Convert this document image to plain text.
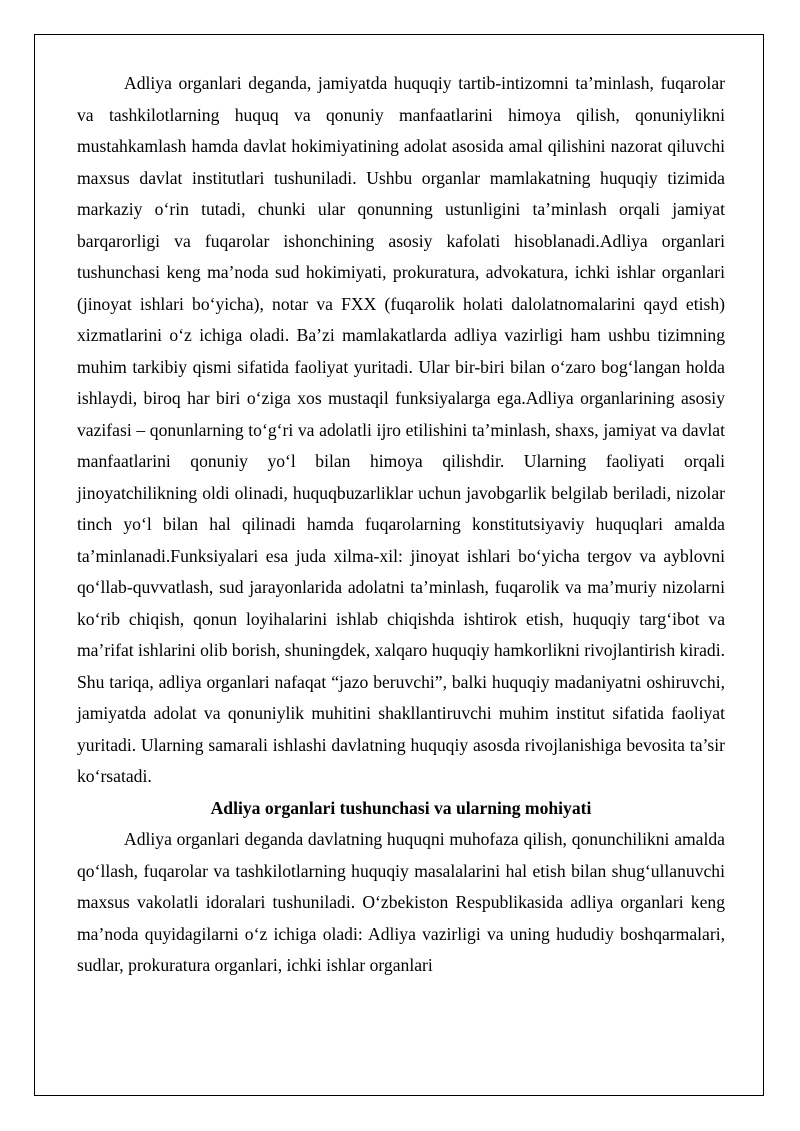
Adliya organlari deganda, jamiyatda huquqiy tartib-intizomni ta’minlash, fuqarolar va tashkilotlarning huquq va qonuniy manfaatlarini himoya qilish, qonuniylikni mustahkamlash hamda davlat hokimiyatining adolat asosida amal qilishini nazorat qiluvchi maxsus davlat institutlari tushuniladi. Ushbu organlar mamlakatning huquqiy tizimida markaziy o‘rin tutadi, chunki ular qonunning ustunligini ta’minlash orqali jamiyat barqarorligi va fuqarolar ishonchining asosiy kafolati hisoblanadi.Adliya organlari tushunchasi keng ma’noda sud hokimiyati, prokuratura, advokatura, ichki ishlar organlari (jinoyat ishlari bo‘yicha), notar va FXX (fuqarolik holati dalolatnomalarini qayd etish) xizmatlarini o‘z ichiga oladi. Ba’zi mamlakatlarda adliya vazirligi ham ushbu tizimning muhim tarkibiy qismi sifatida faoliyat yuritadi. Ular bir-biri bilan o‘zaro bog‘langan holda ishlaydi, biroq har biri o‘ziga xos mustaqil funksiyalarga ega.Adliya organlarining asosiy vazifasi – qonunlarning to‘g‘ri va adolatli ijro etilishini ta’minlash, shaxs, jamiyat va davlat manfaatlarini qonuniy yo‘l bilan himoya qilishdir. Ularning faoliyati orqali jinoyatchilikning oldi olinadi, huquqbuzarliklar uchun javobgarlik belgilab beriladi, nizolar tinch yo‘l bilan hal qilinadi hamda fuqarolarning konstitutsiyaviy huquqlari amalda ta’minlanadi.Funksiyalari esa juda xilma-xil: jinoyat ishlari bo‘yicha tergov va ayblovni qo‘llab-quvvatlash, sud jarayonlarida adolatni ta’minlash, fuqarolik va ma’muriy nizolarni ko‘rib chiqish, qonun loyihalarini ishlab chiqishda ishtirok etish, huquqiy targ‘ibot va ma’rifat ishlarini olib borish, shuningdek, xalqaro huquqiy hamkorlikni rivojlantirish kiradi. Shu tariqa, adliya organlari nafaqat “jazo beruvchi”, balki huquqiy madaniyatni oshiruvchi, jamiyatda adolat va qonuniylik muhitini shakllantiruvchi muhim institut sifatida faoliyat yuritadi. Ularning samarali ishlashi davlatning huquqiy asosda rivojlanishiga bevosita ta’sir ko‘rsatadi.

Adliya organlari tushunchasi va ularning mohiyati

Adliya organlari deganda davlatning huquqni muhofaza qilish, qonunchilikni amalda qo‘llash, fuqarolar va tashkilotlarning huquqiy masalalarini hal etish bilan shug‘ullanuvchi maxsus vakolatli idoralari tushuniladi. O‘zbekiston Respublikasida adliya organlari keng ma’noda quyidagilarni o‘z ichiga oladi: Adliya vazirligi va uning hududiy boshqarmalari, sudlar, prokuratura organlari, ichki ishlar organlari
